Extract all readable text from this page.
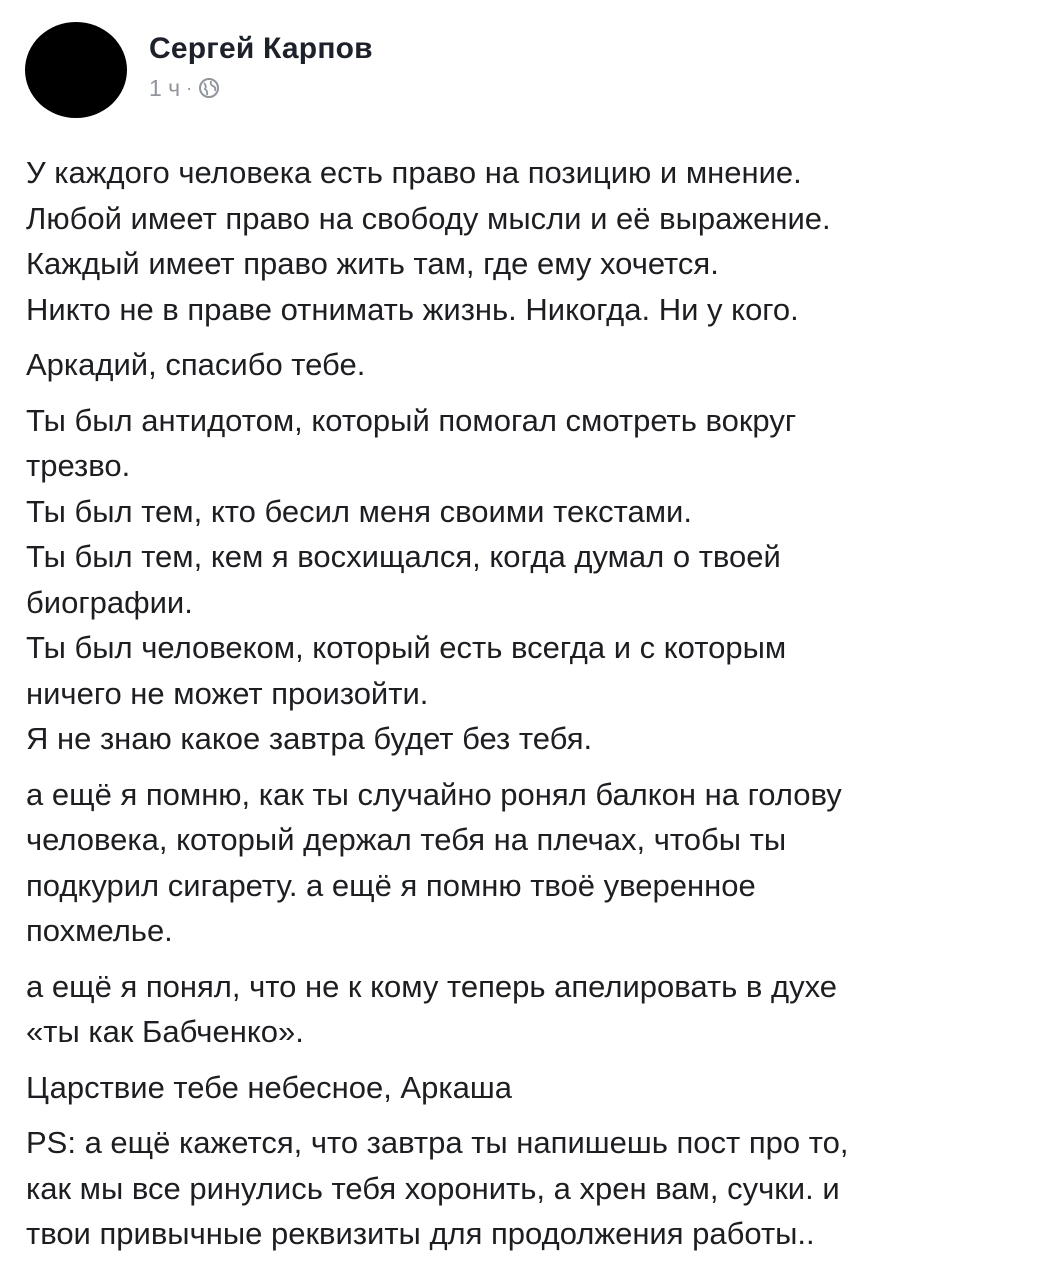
Сергей Карпов
1 ч ·
У каждого человека есть право на позицию и мнение.
Любой имеет право на свободу мысли и её выражение.
Каждый имеет право жить там, где ему хочется.
Никто не в праве отнимать жизнь. Никогда. Ни у кого.
Аркадий, спасибо тебе.
Ты был антидотом, который помогал смотреть вокруг
трезво.
Ты был тем, кто бесил меня своими текстами.
Ты был тем, кем я восхищался, когда думал о твоей
биографии.
Ты был человеком, который есть всегда и с которым
ничего не может произойти.
Я не знаю какое завтра будет без тебя.
а ещё я помню, как ты случайно ронял балкон на голову
человека, который держал тебя на плечах, чтобы ты
подкурил сигарету. а ещё я помню твоё уверенное
похмелье.
а ещё я понял, что не к кому теперь апелировать в духе
«ты как Бабченко».
Царствие тебе небесное, Аркаша
PS: а ещё кажется, что завтра ты напишешь пост про то,
как мы все ринулись тебя хоронить, а хрен вам, сучки. и
твои привычные реквизиты для продолжения работы..
